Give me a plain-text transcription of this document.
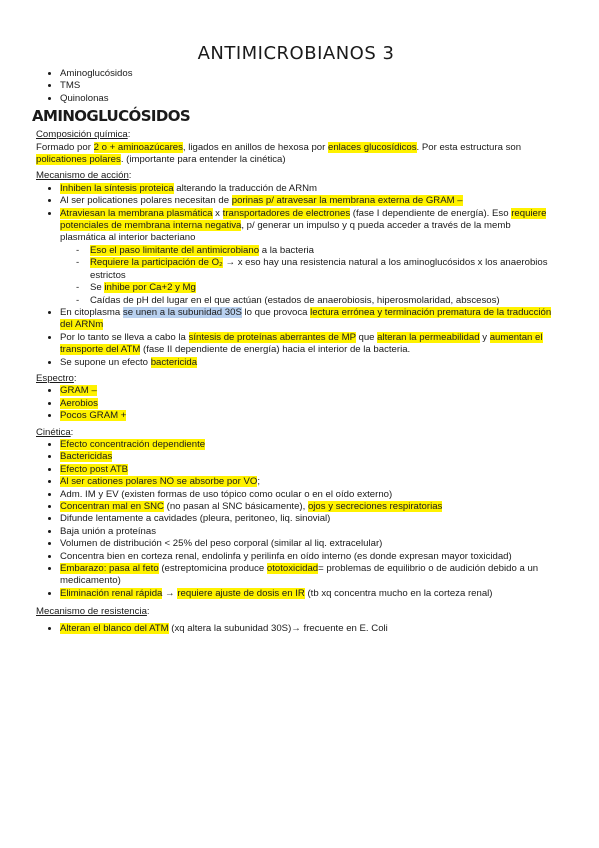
ANTIMICROBIANOS 3
• Aminoglucósidos
• TMS
• Quinolonas
AMINOGLUCÓSIDOS
Composición química:
Formado por 2 o + aminoazúcares, ligados en anillos de hexosa por enlaces glucosídicos. Por esta estructura son policationes polares. (importante para entender la cinética)
Mecanismo de acción:
• Inhiben la síntesis proteica alterando la traducción de ARNm
• Al ser policationes polares necesitan de porinas p/ atravesar la membrana externa de GRAM –
• Atraviesan la membrana plasmática x transportadores de electrones (fase I dependiente de energía). Eso requiere potenciales de membrana interna negativa, p/ generar un impulso y q pueda acceder a través de la memb plasmática al interior bacteriano
- Eso el paso limitante del antimicrobiano a la bacteria
- Requiere la participación de O₂ → x eso hay una resistencia natural a los aminoglucósidos x los anaerobios estrictos
- Se inhibe por Ca+2 y Mg
- Caídas de pH del lugar en el que actúan (estados de anaerobiosis, hiperosmolaridad, abscesos)
• En citoplasma se unen a la subunidad 30S lo que provoca lectura errónea y terminación prematura de la traducción del ARNm
• Por lo tanto se lleva a cabo la síntesis de proteínas aberrantes de MP que alteran la permeabilidad y aumentan el transporte del ATM (fase II dependiente de energía) hacia el interior de la bacteria.
• Se supone un efecto bactericida
Espectro:
• GRAM –
• Aerobios
• Pocos GRAM +
Cinética:
• Efecto concentración dependiente
• Bactericidas
• Efecto post ATB
• Al ser cationes polares NO se absorbe por VO;
• Adm. IM y EV (existen formas de uso tópico como ocular o en el oído externo)
• Concentran mal en SNC (no pasan al SNC básicamente), ojos y secreciones respiratorias
• Difunde lentamente a cavidades (pleura, peritoneo, liq. sinovial)
• Baja unión a proteínas
• Volumen de distribución < 25% del peso corporal (similar al liq. extracelular)
• Concentra bien en corteza renal, endolinfa y perilinfa en oído interno (es donde expresan mayor toxicidad)
• Embarazo: pasa al feto (estreptomicina produce ototoxicidad= problemas de equilibrio o de audición debido a un medicamento)
• Eliminación renal rápida → requiere ajuste de dosis en IR (tb xq concentra mucho en la corteza renal)
Mecanismo de resistencia:
• Alteran el blanco del ATM (xq altera la subunidad 30S)→ frecuente en E. Coli
